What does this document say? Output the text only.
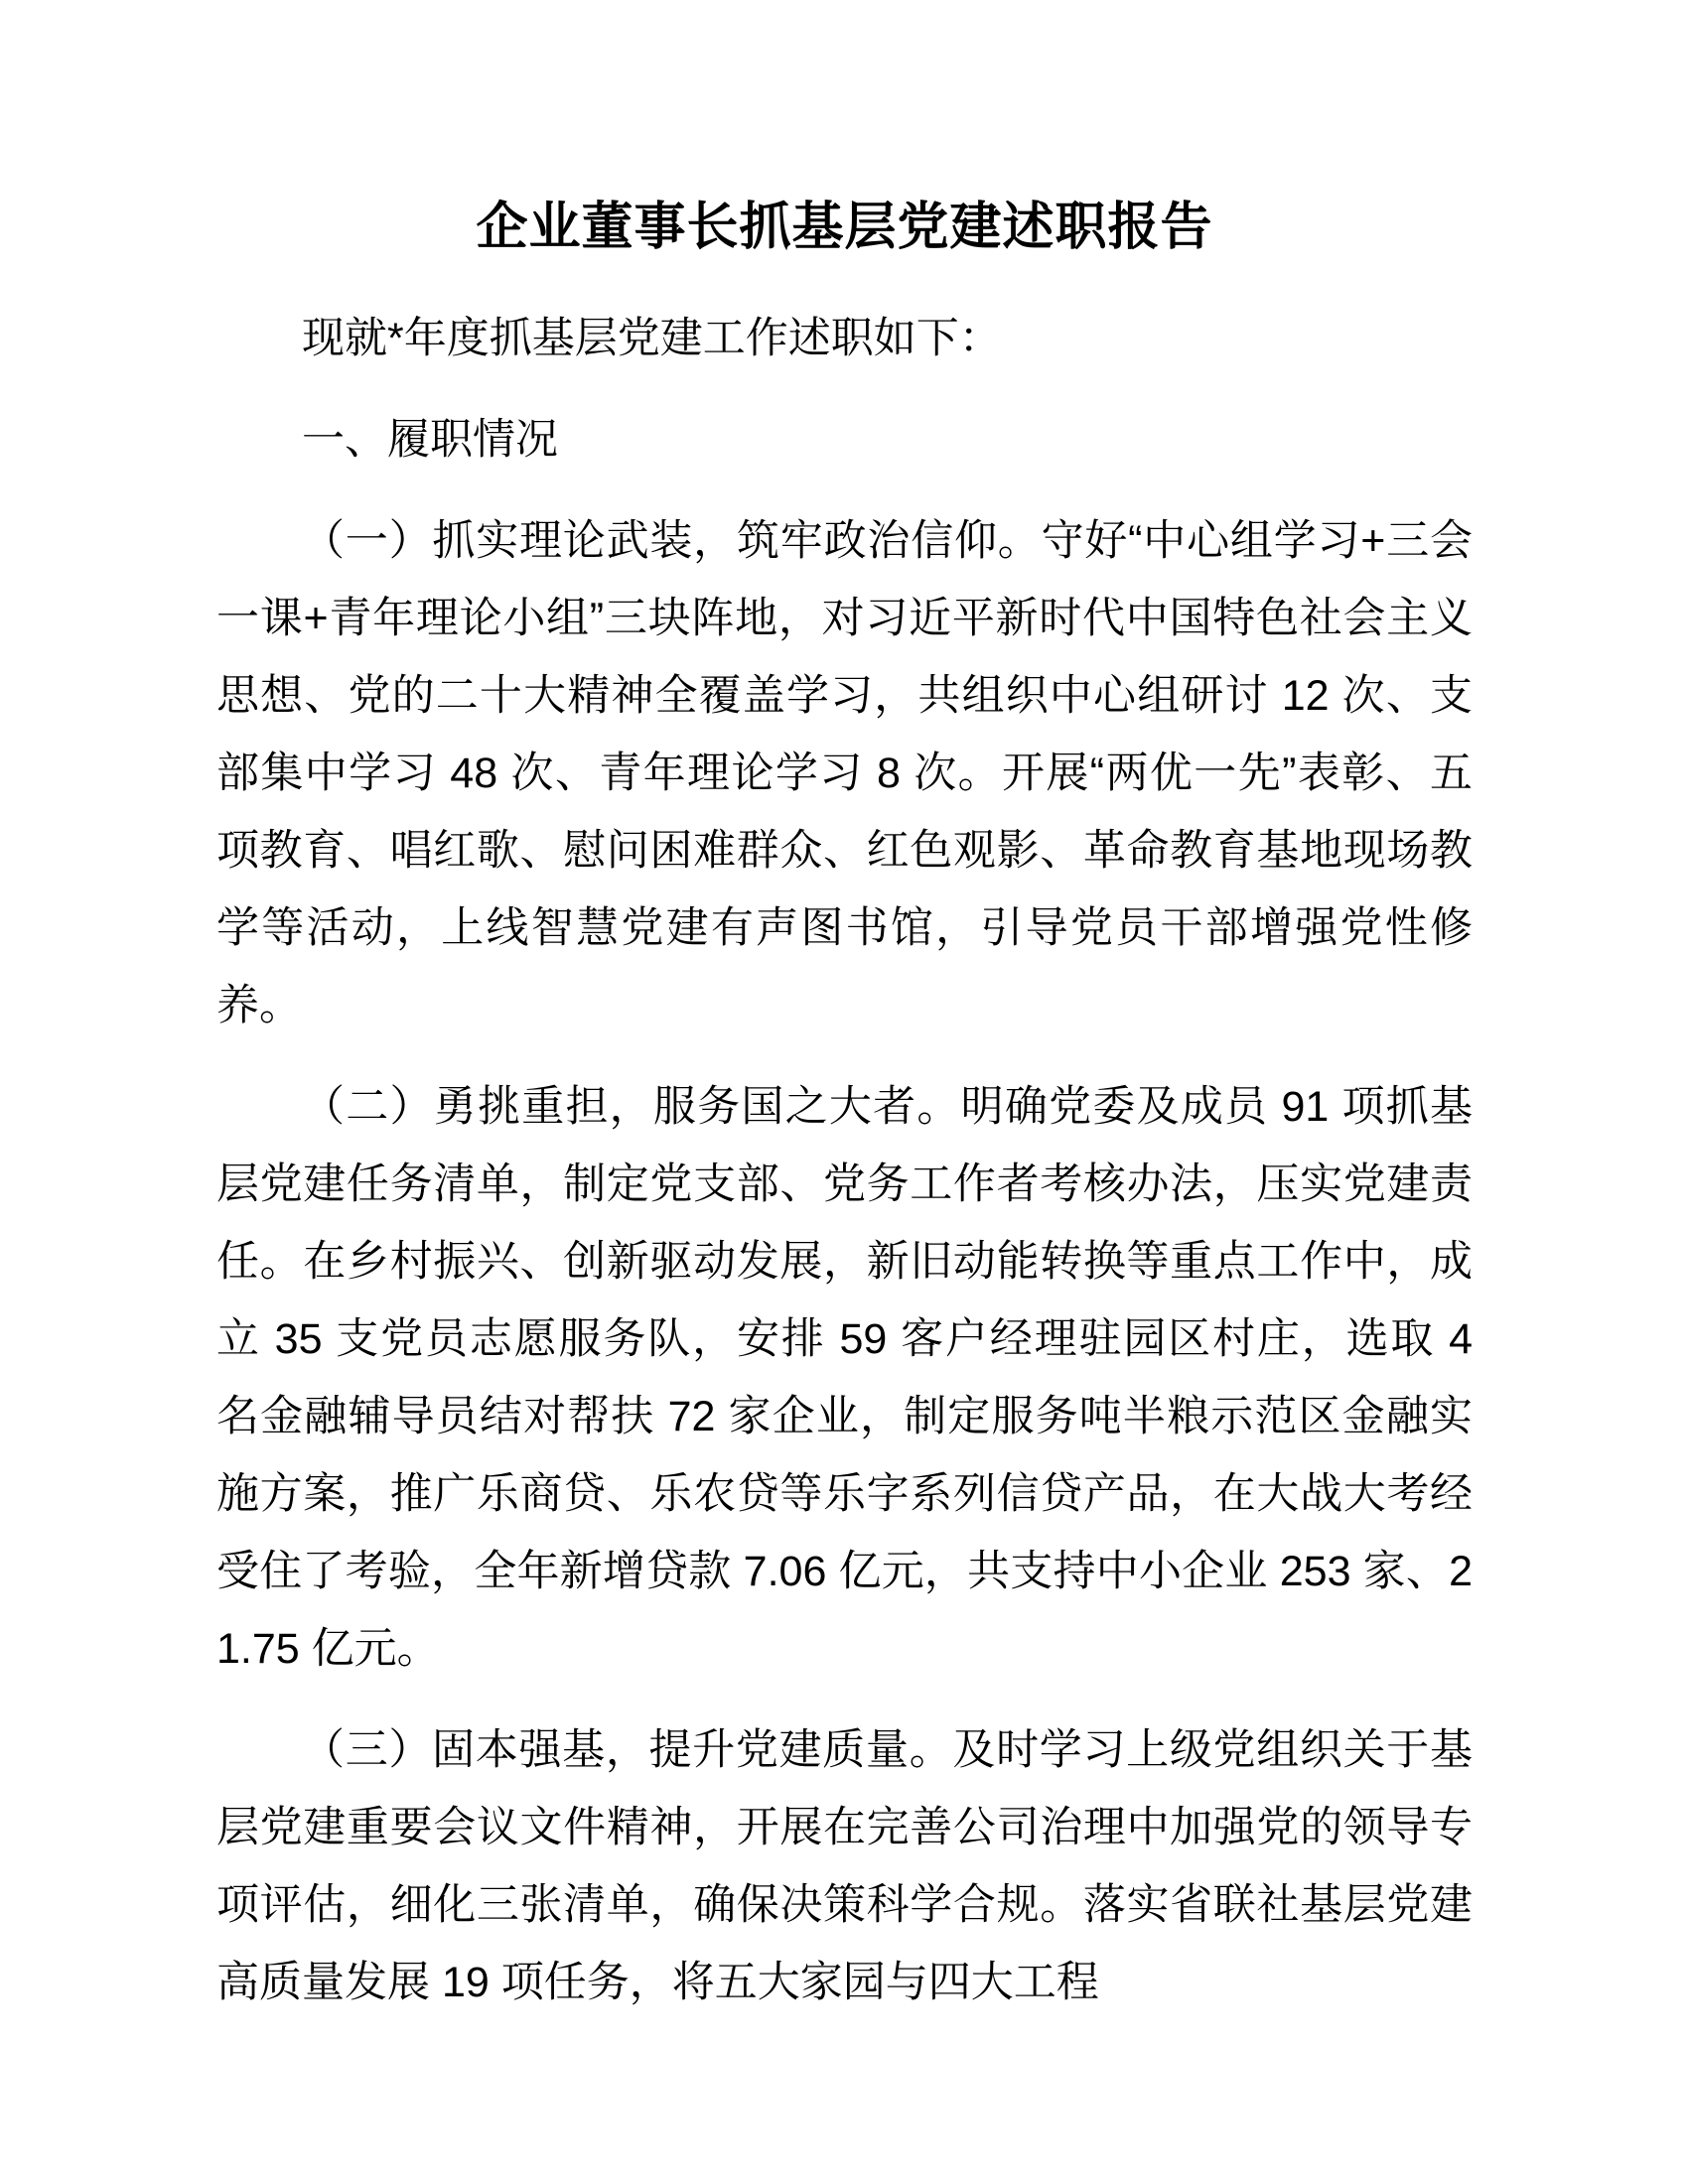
企业董事长抓基层党建述职报告

现就*年度抓基层党建工作述职如下：

一、履职情况

（一）抓实理论武装，筑牢政治信仰。守好“中心组学习+三会一课+青年理论小组”三块阵地，对习近平新时代中国特色社会主义思想、党的二十大精神全覆盖学习，共组织中心组研讨 12 次、支部集中学习 48 次、青年理论学习 8 次。开展“两优一先”表彰、五项教育、唱红歌、慰问困难群众、红色观影、革命教育基地现场教学等活动，上线智慧党建有声图书馆，引导党员干部增强党性修养。

（二）勇挑重担，服务国之大者。明确党委及成员 91 项抓基层党建任务清单，制定党支部、党务工作者考核办法，压实党建责任。在乡村振兴、创新驱动发展，新旧动能转换等重点工作中，成立 35 支党员志愿服务队，安排 59 客户经理驻园区村庄，选取 4 名金融辅导员结对帮扶 72 家企业，制定服务吨半粮示范区金融实施方案，推广乐商贷、乐农贷等乐字系列信贷产品，在大战大考经受住了考验，全年新增贷款 7.06 亿元，共支持中小企业 253 家、21.75 亿元。

（三）固本强基，提升党建质量。及时学习上级党组织关于基层党建重要会议文件精神，开展在完善公司治理中加强党的领导专项评估，细化三张清单，确保决策科学合规。落实省联社基层党建高质量发展 19 项任务，将五大家园与四大工程
